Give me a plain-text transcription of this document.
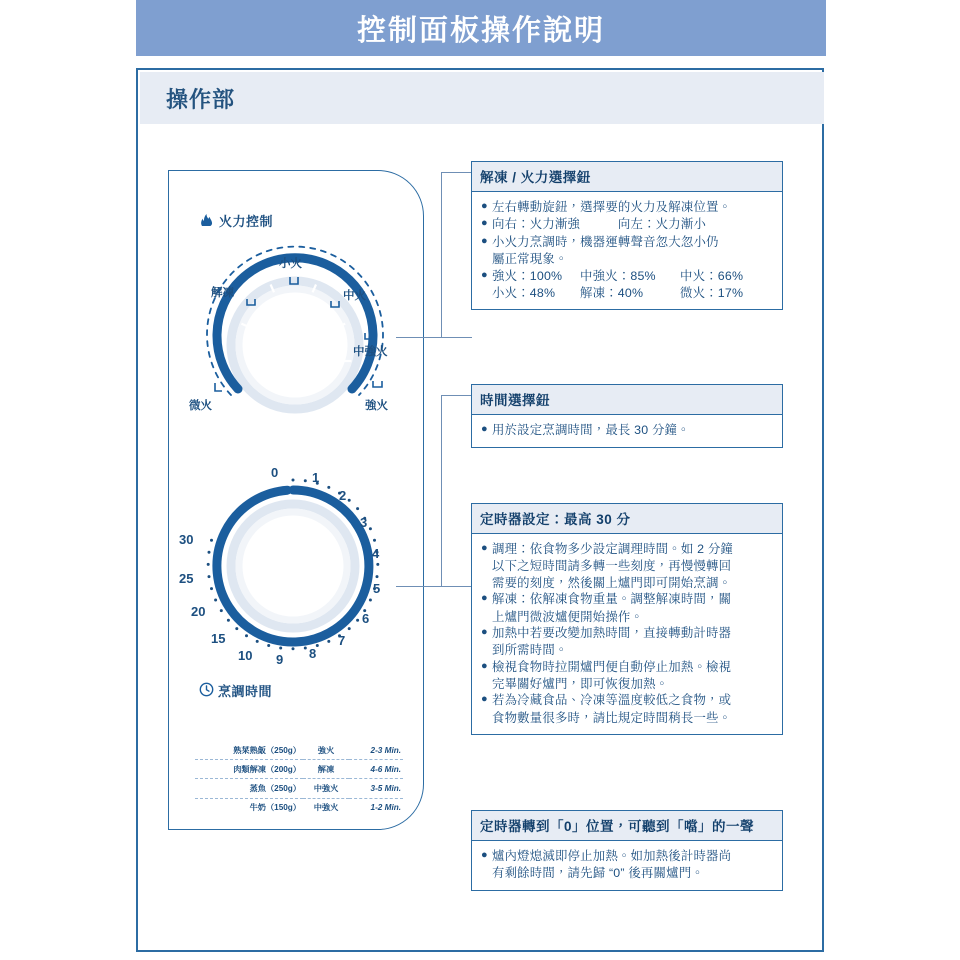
控制面板操作說明
操作部
火力控制
微火
解凍
小火
中火
中強火
強火
烹調時間
0	1
2
3
4
5
6
7
8
9
10
15
20
25
30
熟菜熟飯（250g）	強火	2-3 Min.
肉類解凍（200g）	解凍	4-6 Min.
蒸魚（250g）	中強火	3-5 Min.
牛奶（150g）	中強火	1-2 Min.
解凍 / 火力選擇鈕
● 左右轉動旋鈕，選擇要的火力及解凍位置。
● 向右：火力漸強　　　向左：火力漸小
● 小火力烹調時，機器運轉聲音忽大忽小仍
屬正常現象。
● 強火：100%	中強火：85%	中火：66%
小火：48%	解凍：40%	微火：17%
時間選擇鈕
● 用於設定烹調時間，最長 30 分鐘。
定時器設定：最高 30 分
● 調理：依食物多少設定調理時間。如 2 分鐘
以下之短時間請多轉一些刻度，再慢慢轉回
需要的刻度，然後關上爐門即可開始烹調。
● 解凍：依解凍食物重量。調整解凍時間，關
上爐門微波爐便開始操作。
● 加熱中若要改變加熱時間，直接轉動計時器
到所需時間。
● 檢視食物時拉開爐門便自動停止加熱。檢視
完畢關好爐門，即可恢復加熱。
● 若為冷藏食品、冷凍等溫度較低之食物，或
食物數量很多時，請比規定時間稍長一些。
定時器轉到「0」位置，可聽到「噹」的一聲
● 爐內燈熄滅即停止加熱。如加熱後計時器尚
有剩餘時間，請先歸 “0” 後再關爐門。
